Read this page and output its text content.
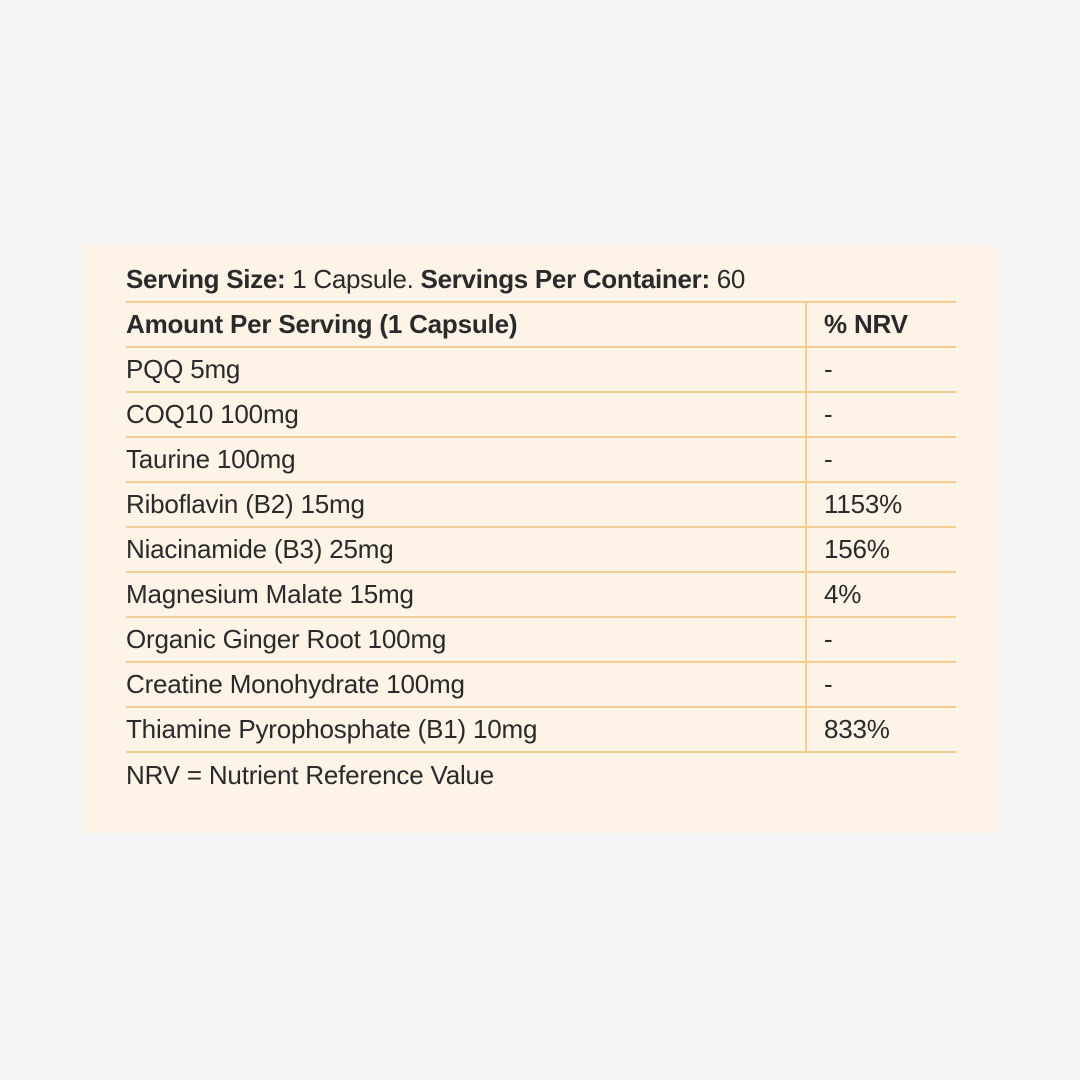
Serving Size: 1 Capsule. Servings Per Container: 60
Amount Per Serving (1 Capsule)	% NRV
PQQ 5mg	-
COQ10 100mg	-
Taurine 100mg	-
Riboflavin (B2) 15mg	1153%
Niacinamide (B3) 25mg	156%
Magnesium Malate 15mg	4%
Organic Ginger Root 100mg	-
Creatine Monohydrate 100mg	-
Thiamine Pyrophosphate (B1) 10mg	833%
NRV = Nutrient Reference Value
